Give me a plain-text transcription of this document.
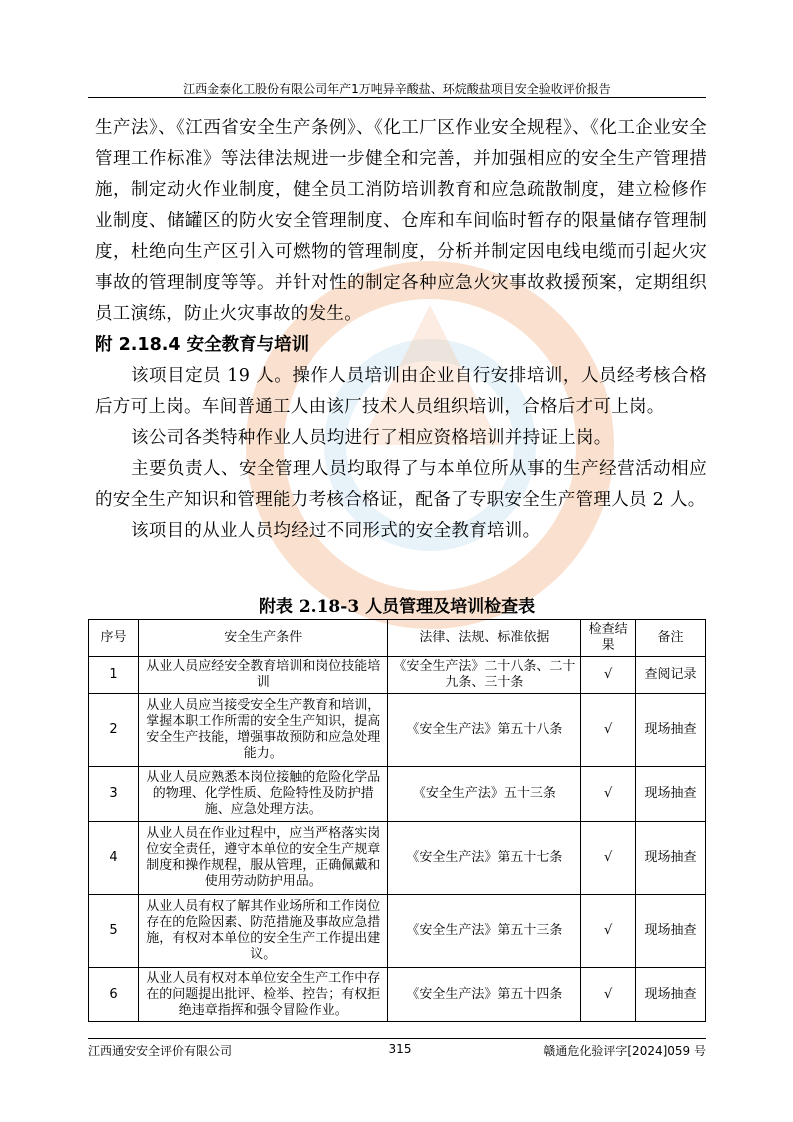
江西金泰化工股份有限公司年产1万吨异辛酸盐、环烷酸盐项目安全验收评价报告

生产法》、《江西省安全生产条例》、《化工厂区作业安全规程》、《化工企业安全管理工作标准》等法律法规进一步健全和完善，并加强相应的安全生产管理措施，制定动火作业制度，健全员工消防培训教育和应急疏散制度，建立检修作业制度、储罐区的防火安全管理制度、仓库和车间临时暂存的限量储存管理制度，杜绝向生产区引入可燃物的管理制度，分析并制定因电线电缆而引起火灾事故的管理制度等等。并针对性的制定各种应急火灾事故救援预案，定期组织员工演练，防止火灾事故的发生。

附 2.18.4 安全教育与培训

该项目定员 19 人。操作人员培训由企业自行安排培训，人员经考核合格后方可上岗。车间普通工人由该厂技术人员组织培训，合格后才可上岗。

该公司各类特种作业人员均进行了相应资格培训并持证上岗。

主要负责人、安全管理人员均取得了与本单位所从事的生产经营活动相应的安全生产知识和管理能力考核合格证，配备了专职安全生产管理人员 2 人。

该项目的从业人员均经过不同形式的安全教育培训。

附表 2.18-3 人员管理及培训检查表
序号	安全生产条件	法律、法规、标准依据	检查结果	备注
1	从业人员应经安全教育培训和岗位技能培训	《安全生产法》二十八条、二十九条、三十条	√	查阅记录
2	从业人员应当接受安全生产教育和培训，掌握本职工作所需的安全生产知识，提高安全生产技能，增强事故预防和应急处理能力。	《安全生产法》第五十八条	√	现场抽查
3	从业人员应熟悉本岗位接触的危险化学品的物理、化学性质、危险特性及防护措施、应急处理方法。	《安全生产法》五十三条	√	现场抽查
4	从业人员在作业过程中，应当严格落实岗位安全责任，遵守本单位的安全生产规章制度和操作规程，服从管理，正确佩戴和使用劳动防护用品。	《安全生产法》第五十七条	√	现场抽查
5	从业人员有权了解其作业场所和工作岗位存在的危险因素、防范措施及事故应急措施，有权对本单位的安全生产工作提出建议。	《安全生产法》第五十三条	√	现场抽查
6	从业人员有权对本单位安全生产工作中存在的问题提出批评、检举、控告；有权拒绝违章指挥和强令冒险作业。	《安全生产法》第五十四条	√	现场抽查
江西通安安全评价有限公司	315	赣通危化验评字[2024]059 号
